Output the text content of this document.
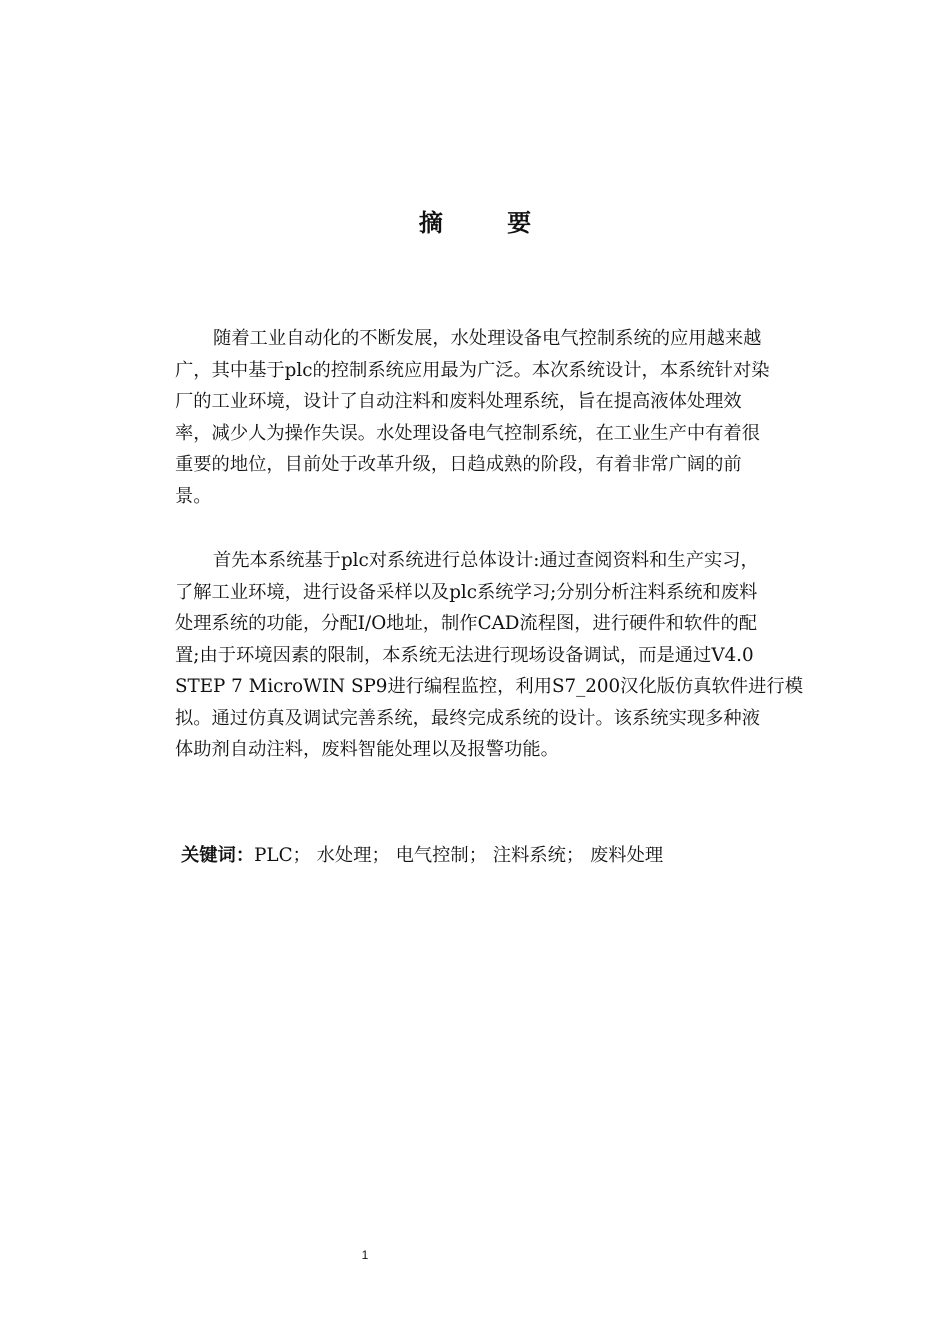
摘 要
随着工业自动化的不断发展，水处理设备电气控制系统的应用越来越
广，其中基于plc的控制系统应用最为广泛。本次系统设计，本系统针对染
厂的工业环境，设计了自动注料和废料处理系统，旨在提高液体处理效
率，减少人为操作失误。水处理设备电气控制系统，在工业生产中有着很
重要的地位，目前处于改革升级，日趋成熟的阶段，有着非常广阔的前
景。
首先本系统基于plc对系统进行总体设计:通过查阅资料和生产实习，
了解工业环境，进行设备采样以及plc系统学习;分别分析注料系统和废料
处理系统的功能，分配I/O地址，制作CAD流程图，进行硬件和软件的配
置;由于环境因素的限制，本系统无法进行现场设备调试，而是通过V4.0
STEP 7 MicroWIN SP9进行编程监控，利用S7_200汉化版仿真软件进行模
拟。通过仿真及调试完善系统，最终完成系统的设计。该系统实现多种液
体助剂自动注料，废料智能处理以及报警功能。
关键词：PLC； 水处理； 电气控制； 注料系统； 废料处理
1
